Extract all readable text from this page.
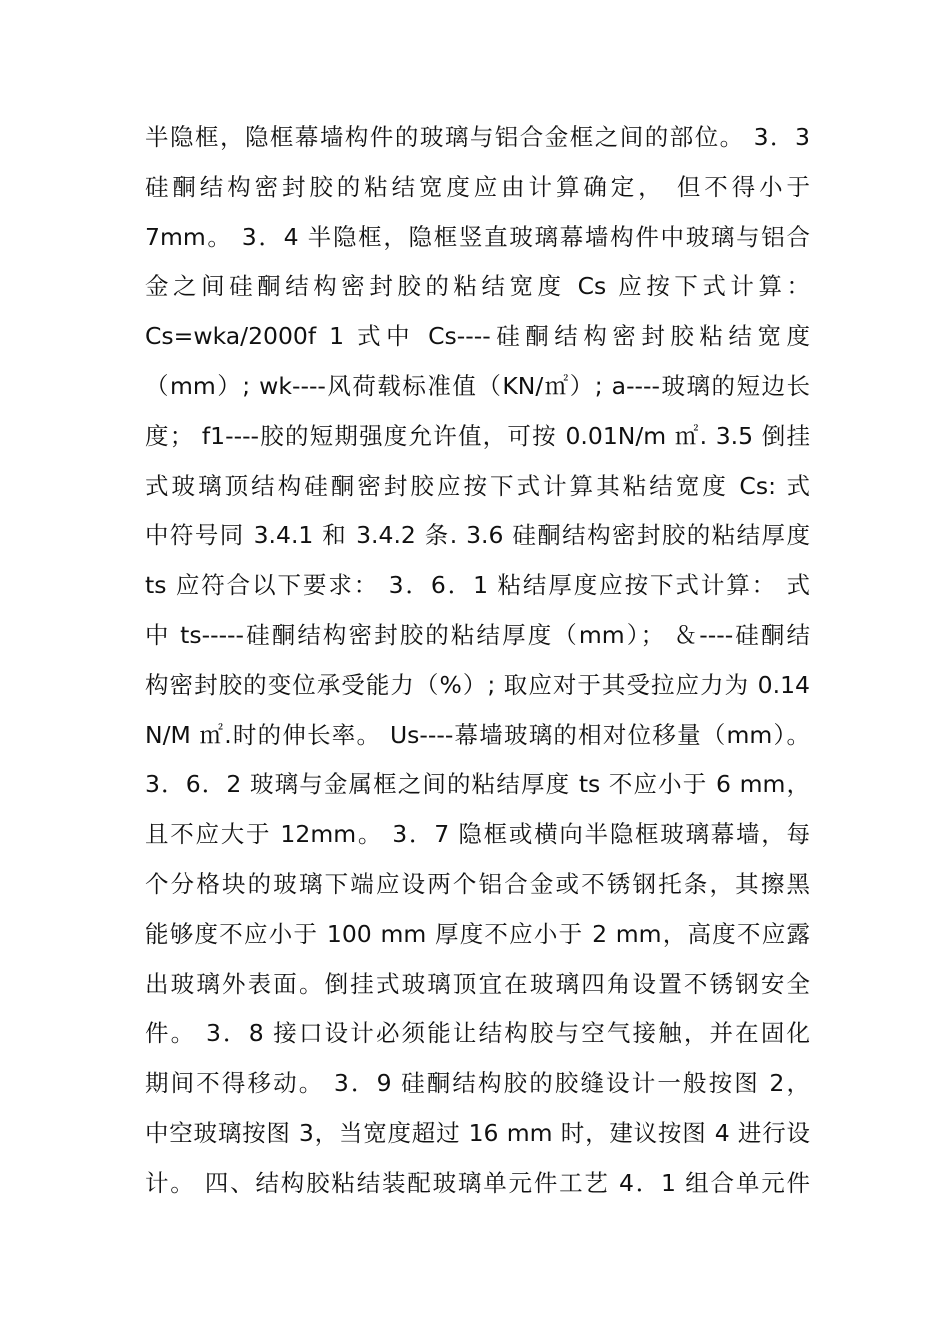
半隐框，隐框幕墙构件的玻璃与铝合金框之间的部位。 3．3
硅酮结构密封胶的粘结宽度应由计算确定， 但不得小于
7mm。 3．4 半隐框，隐框竖直玻璃幕墙构件中玻璃与铝合
金之间硅酮结构密封胶的粘结宽度 Cs 应按下式计算：
Cs=wka/2000f 1 式中 Cs----硅酮结构密封胶粘结宽度
（mm）; wk----风荷载标准值（KN/㎡）; a----玻璃的短边长
度； f1----胶的短期强度允许值，可按 0.01N/m ㎡. 3.5 倒挂
式玻璃顶结构硅酮密封胶应按下式计算其粘结宽度 Cs: 式
中符号同 3.4.1 和 3.4.2 条. 3.6 硅酮结构密封胶的粘结厚度
ts 应符合以下要求： 3．6．1 粘结厚度应按下式计算： 式
中 ts-----硅酮结构密封胶的粘结厚度（mm）； ＆----硅酮结
构密封胶的变位承受能力（%）; 取应对于其受拉应力为 0.14
N/M ㎡.时的伸长率。 Us----幕墙玻璃的相对位移量（mm）。
3．6．2 玻璃与金属框之间的粘结厚度 ts 不应小于 6 mm，
且不应大于 12mm。 3．7 隐框或横向半隐框玻璃幕墙，每
个分格块的玻璃下端应设两个铝合金或不锈钢托条，其擦黑
能够度不应小于 100 mm 厚度不应小于 2 mm，高度不应露
出玻璃外表面。倒挂式玻璃顶宜在玻璃四角设置不锈钢安全
件。 3．8 接口设计必须能让结构胶与空气接触，并在固化
期间不得移动。 3．9 硅酮结构胶的胶缝设计一般按图 2，
中空玻璃按图 3，当宽度超过 16 mm 时，建议按图 4 进行设
计。 四、结构胶粘结装配玻璃单元件工艺 4．1 组合单元件
